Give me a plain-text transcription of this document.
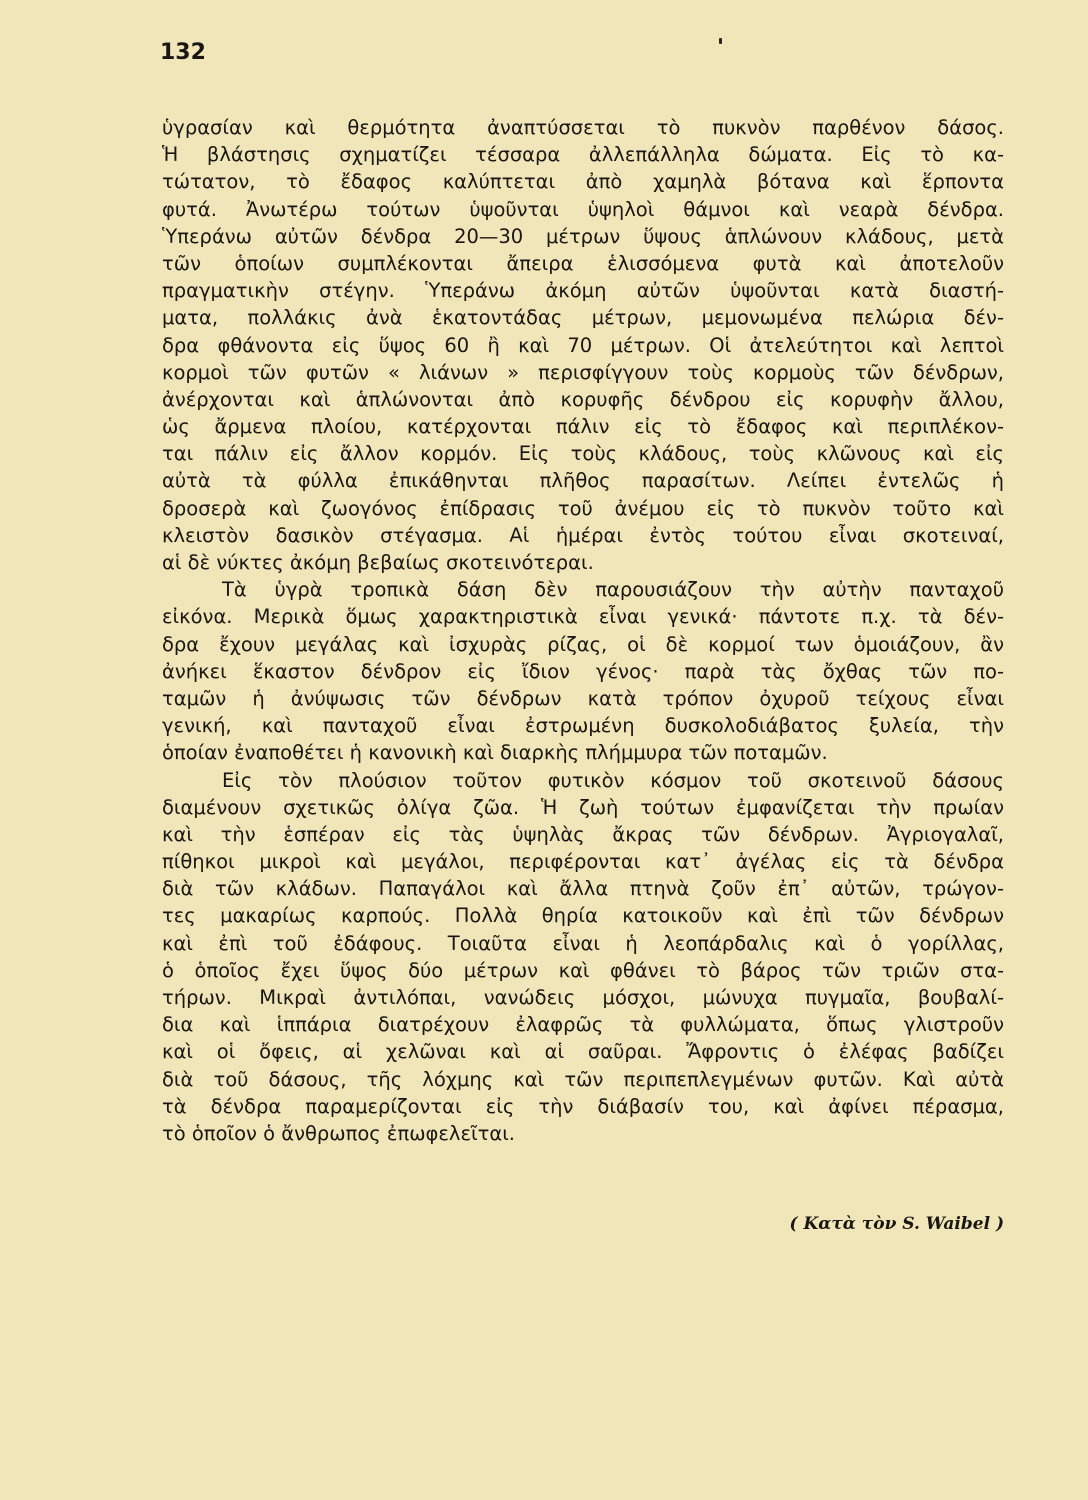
132
ὑγρασίαν καὶ θερμότητα ἀναπτύσσεται τὸ πυκνὸν παρθένον δάσος.
Ἡ βλάστησις σχηματίζει τέσσαρα ἀλλεπάλληλα δώματα. Εἰς τὸ κα-
τώτατον, τὸ ἔδαφος καλύπτεται ἀπὸ χαμηλὰ βότανα καὶ ἕρποντα
φυτά. Ἀνωτέρω τούτων ὑψοῦνται ὑψηλοὶ θάμνοι καὶ νεαρὰ δένδρα.
Ὑπεράνω αὐτῶν δένδρα 20—30 μέτρων ὕψους ἁπλώνουν κλάδους, μετὰ
τῶν ὁποίων συμπλέκονται ἄπειρα ἑλισσόμενα φυτὰ καὶ ἀποτελοῦν
πραγματικὴν στέγην. Ὑπεράνω ἀκόμη αὐτῶν ὑψοῦνται κατὰ διαστή-
ματα, πολλάκις ἀνὰ ἑκατοντάδας μέτρων, μεμονωμένα πελώρια δέν-
δρα φθάνοντα εἰς ὕψος 60 ἢ καὶ 70 μέτρων. Οἱ ἀτελεύτητοι καὶ λεπτοὶ
κορμοὶ τῶν φυτῶν « λιάνων » περισφίγγουν τοὺς κορμοὺς τῶν δένδρων,
ἀνέρχονται καὶ ἁπλώνονται ἀπὸ κορυφῆς δένδρου εἰς κορυφὴν ἄλλου,
ὡς ἄρμενα πλοίου, κατέρχονται πάλιν εἰς τὸ ἔδαφος καὶ περιπλέκον-
ται πάλιν εἰς ἄλλον κορμόν. Εἰς τοὺς κλάδους, τοὺς κλῶνους καὶ εἰς
αὐτὰ τὰ φύλλα ἐπικάθηνται πλῆθος παρασίτων. Λείπει ἐντελῶς ἡ
δροσερὰ καὶ ζωογόνος ἐπίδρασις τοῦ ἀνέμου εἰς τὸ πυκνὸν τοῦτο καὶ
κλειστὸν δασικὸν στέγασμα. Αἱ ἡμέραι ἐντὸς τούτου εἶναι σκοτειναί,
αἱ δὲ νύκτες ἀκόμη βεβαίως σκοτεινότεραι.
Τὰ ὑγρὰ τροπικὰ δάση δὲν παρουσιάζουν τὴν αὐτὴν πανταχοῦ
εἰκόνα. Μερικὰ ὅμως χαρακτηριστικὰ εἶναι γενικά· πάντοτε π.χ. τὰ δέν-
δρα ἔχουν μεγάλας καὶ ἰσχυρὰς ρίζας, οἱ δὲ κορμοί των ὁμοιάζουν, ἂν
ἀνήκει ἕκαστον δένδρον εἰς ἴδιον γένος· παρὰ τὰς ὄχθας τῶν πο-
ταμῶν ἡ ἀνύψωσις τῶν δένδρων κατὰ τρόπον ὀχυροῦ τείχους εἶναι
γενική, καὶ πανταχοῦ εἶναι ἐστρωμένη δυσκολοδιάβατος ξυλεία, τὴν
ὁποίαν ἐναποθέτει ἡ κανονικὴ καὶ διαρκὴς πλήμμυρα τῶν ποταμῶν.
Εἰς τὸν πλούσιον τοῦτον φυτικὸν κόσμον τοῦ σκοτεινοῦ δάσους
διαμένουν σχετικῶς ὀλίγα ζῶα. Ἡ ζωὴ τούτων ἐμφανίζεται τὴν πρωίαν
καὶ τὴν ἑσπέραν εἰς τὰς ὑψηλὰς ἄκρας τῶν δένδρων. Ἀγριογαλαῖ,
πίθηκοι μικροὶ καὶ μεγάλοι, περιφέρονται κατ᾿ ἀγέλας εἰς τὰ δένδρα
διὰ τῶν κλάδων. Παπαγάλοι καὶ ἄλλα πτηνὰ ζοῦν ἐπ᾿ αὐτῶν, τρώγον-
τες μακαρίως καρπούς. Πολλὰ θηρία κατοικοῦν καὶ ἐπὶ τῶν δένδρων
καὶ ἐπὶ τοῦ ἐδάφους. Τοιαῦτα εἶναι ἡ λεοπάρδαλις καὶ ὁ γορίλλας,
ὁ ὁποῖος ἔχει ὕψος δύο μέτρων καὶ φθάνει τὸ βάρος τῶν τριῶν στα-
τήρων. Μικραὶ ἀντιλόπαι, νανώδεις μόσχοι, μώνυχα πυγμαῖα, βουβαλί-
δια καὶ ἱππάρια διατρέχουν ἐλαφρῶς τὰ φυλλώματα, ὅπως γλιστροῦν
καὶ οἱ ὄφεις, αἱ χελῶναι καὶ αἱ σαῦραι. Ἄφροντις ὁ ἐλέφας βαδίζει
διὰ τοῦ δάσους, τῆς λόχμης καὶ τῶν περιπεπλεγμένων φυτῶν. Καὶ αὐτὰ
τὰ δένδρα παραμερίζονται εἰς τὴν διάβασίν του, καὶ ἀφίνει πέρασμα,
τὸ ὁποῖον ὁ ἄνθρωπος ἐπωφελεῖται.
( Κατὰ τὸν S. Waibel )
